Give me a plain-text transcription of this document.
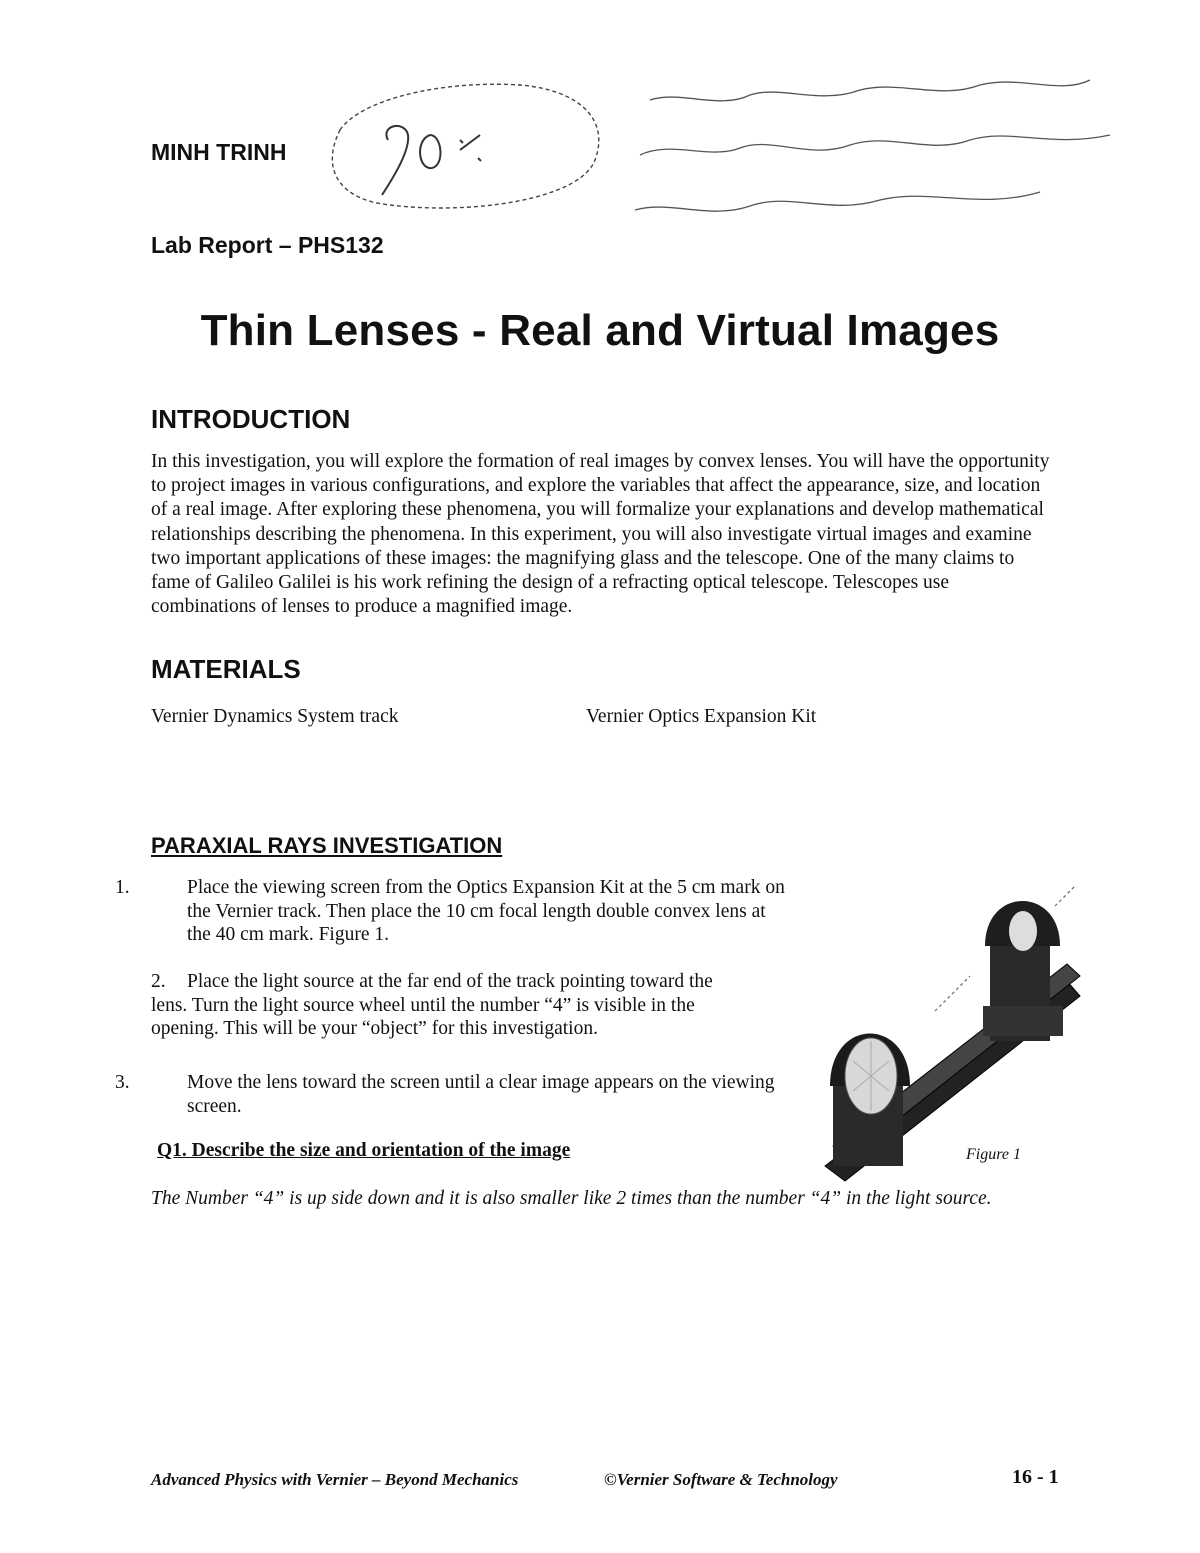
MINH TRINH
Lab Report – PHS132
Thin Lenses - Real and Virtual Images
INTRODUCTION
In this investigation, you will explore the formation of real images by convex lenses. You will have the opportunity to project images in various configurations, and explore the variables that affect the appearance, size, and location of a real image. After exploring these phenomena, you will formalize your explanations and develop mathematical relationships describing the phenomena. In this experiment, you will also investigate virtual images and examine two important applications of these images: the magnifying glass and the telescope. One of the many claims to fame of Galileo Galilei is his work refining the design of a refracting optical telescope. Telescopes use combinations of lenses to produce a magnified image.
MATERIALS
Vernier Dynamics System track	Vernier Optics Expansion Kit
PARAXIAL RAYS INVESTIGATION
1.	Place the viewing screen from the Optics Expansion Kit at the 5 cm mark on the Vernier track. Then place the 10 cm focal length double convex lens at the 40 cm mark. Figure 1.
2. Place the light source at the far end of the track pointing toward the lens. Turn the light source wheel until the number “4” is visible in the opening. This will be your “object” for this investigation.
3.	Move the lens toward the screen until a clear image appears on the viewing screen.
Figure 1
Q1. Describe the size and orientation of the image
The Number “4” is up side down and it is also smaller like 2 times than the number “4” in the light source.
Advanced Physics with Vernier – Beyond Mechanics	©Vernier Software & Technology	16 - 1
